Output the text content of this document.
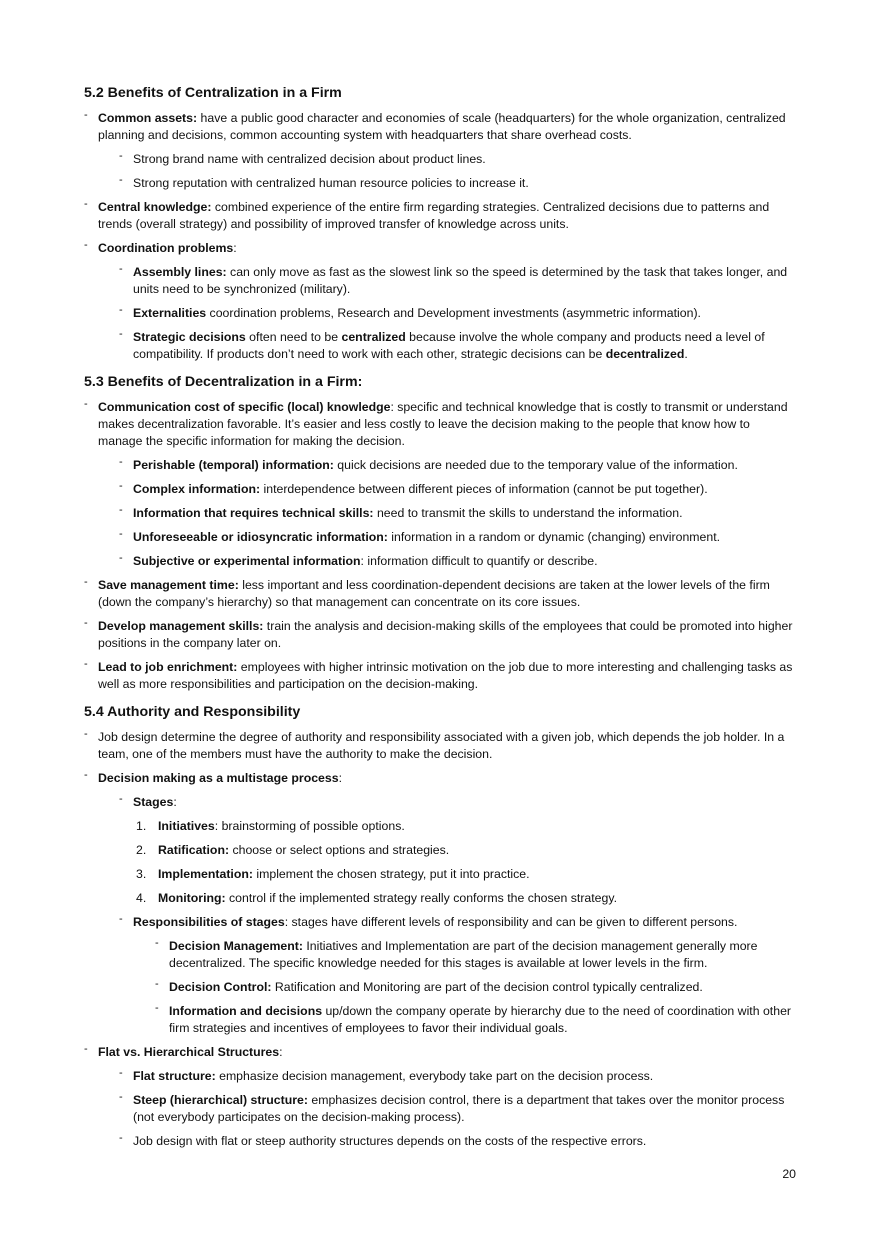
5.2 Benefits of Centralization in a Firm
- Common assets: have a public good character and economies of scale (headquarters) for the whole organization, centralized planning and decisions, common accounting system with headquarters that share overhead costs.
- Strong brand name with centralized decision about product lines.
- Strong reputation with centralized human resource policies to increase it.
- Central knowledge: combined experience of the entire firm regarding strategies. Centralized decisions due to patterns and trends (overall strategy) and possibility of improved transfer of knowledge across units.
- Coordination problems:
- Assembly lines: can only move as fast as the slowest link so the speed is determined by the task that takes longer, and units need to be synchronized (military).
- Externalities coordination problems, Research and Development investments (asymmetric information).
- Strategic decisions often need to be centralized because involve the whole company and products need a level of compatibility. If products don’t need to work with each other, strategic decisions can be decentralized.
5.3 Benefits of Decentralization in a Firm:
- Communication cost of specific (local) knowledge: specific and technical knowledge that is costly to transmit or understand makes decentralization favorable. It’s easier and less costly to leave the decision making to the people that know how to manage the specific information for making the decision.
- Perishable (temporal) information: quick decisions are needed due to the temporary value of the information.
- Complex information: interdependence between different pieces of information (cannot be put together).
- Information that requires technical skills: need to transmit the skills to understand the information.
- Unforeseeable or idiosyncratic information: information in a random or dynamic (changing) environment.
- Subjective or experimental information: information difficult to quantify or describe.
- Save management time: less important and less coordination-dependent decisions are taken at the lower levels of the firm (down the company’s hierarchy) so that management can concentrate on its core issues.
- Develop management skills: train the analysis and decision-making skills of the employees that could be promoted into higher positions in the company later on.
- Lead to job enrichment: employees with higher intrinsic motivation on the job due to more interesting and challenging tasks as well as more responsibilities and participation on the decision-making.
5.4 Authority and Responsibility
- Job design determine the degree of authority and responsibility associated with a given job, which depends the job holder. In a team, one of the members must have the authority to make the decision.
- Decision making as a multistage process:
- Stages:
1. Initiatives: brainstorming of possible options.
2. Ratification: choose or select options and strategies.
3. Implementation: implement the chosen strategy, put it into practice.
4. Monitoring: control if the implemented strategy really conforms the chosen strategy.
- Responsibilities of stages: stages have different levels of responsibility and can be given to different persons.
- Decision Management: Initiatives and Implementation are part of the decision management generally more decentralized. The specific knowledge needed for this stages is available at lower levels in the firm.
- Decision Control: Ratification and Monitoring are part of the decision control typically centralized.
- Information and decisions up/down the company operate by hierarchy due to the need of coordination with other firm strategies and incentives of employees to favor their individual goals.
- Flat vs. Hierarchical Structures:
- Flat structure: emphasize decision management, everybody take part on the decision process.
- Steep (hierarchical) structure: emphasizes decision control, there is a department that takes over the monitor process (not everybody participates on the decision-making process).
- Job design with flat or steep authority structures depends on the costs of the respective errors.
20
